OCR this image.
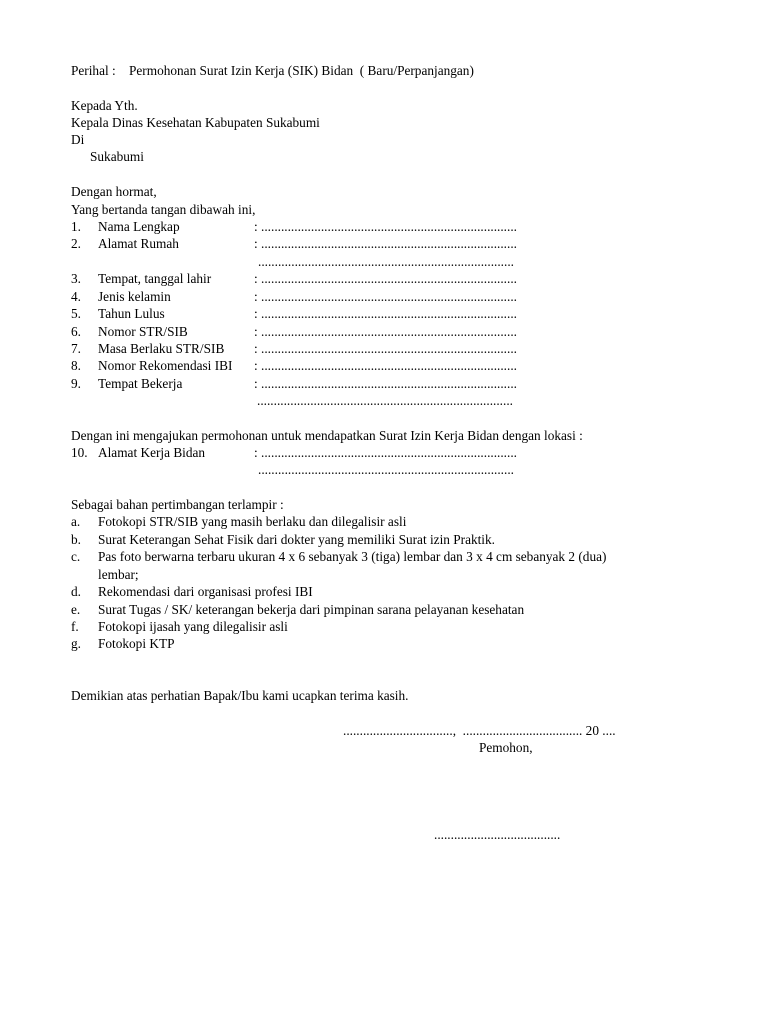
Perihal : Permohonan Surat Izin Kerja (SIK) Bidan  ( Baru/Perpanjangan)
Kepada Yth.
Kepala Dinas Kesehatan Kabupaten Sukabumi
Di
Sukabumi
Dengan hormat,
Yang bertanda tangan dibawah ini,
1. Nama Lengkap	: .............................................................................
2. Alamat Rumah	: .............................................................................
.............................................................................
3. Tempat, tanggal lahir	: .............................................................................
4. Jenis kelamin	: .............................................................................
5. Tahun Lulus	: .............................................................................
6. Nomor STR/SIB	: .............................................................................
7. Masa Berlaku STR/SIB : .............................................................................
8. Nomor Rekomendasi IBI : .............................................................................
9. Tempat Bekerja	: .............................................................................
.............................................................................
Dengan ini mengajukan permohonan untuk mendapatkan Surat Izin Kerja Bidan dengan lokasi :
10. Alamat Kerja Bidan	: .............................................................................
.............................................................................
Sebagai bahan pertimbangan terlampir :
a. Fotokopi STR/SIB yang masih berlaku dan dilegalisir asli
b. Surat Keterangan Sehat Fisik dari dokter yang memiliki Surat izin Praktik.
c. Pas foto berwarna terbaru ukuran 4 x 6 sebanyak 3 (tiga) lembar dan 3 x 4 cm sebanyak 2 (dua)
lembar;
d. Rekomendasi dari organisasi profesi IBI
e. Surat Tugas / SK/ keterangan bekerja dari pimpinan sarana pelayanan kesehatan
f. Fotokopi ijasah yang dilegalisir asli
g. Fotokopi KTP
Demikian atas perhatian Bapak/Ibu kami ucapkan terima kasih.
.................................,  .................................... 20 ....
Pemohon,
......................................
